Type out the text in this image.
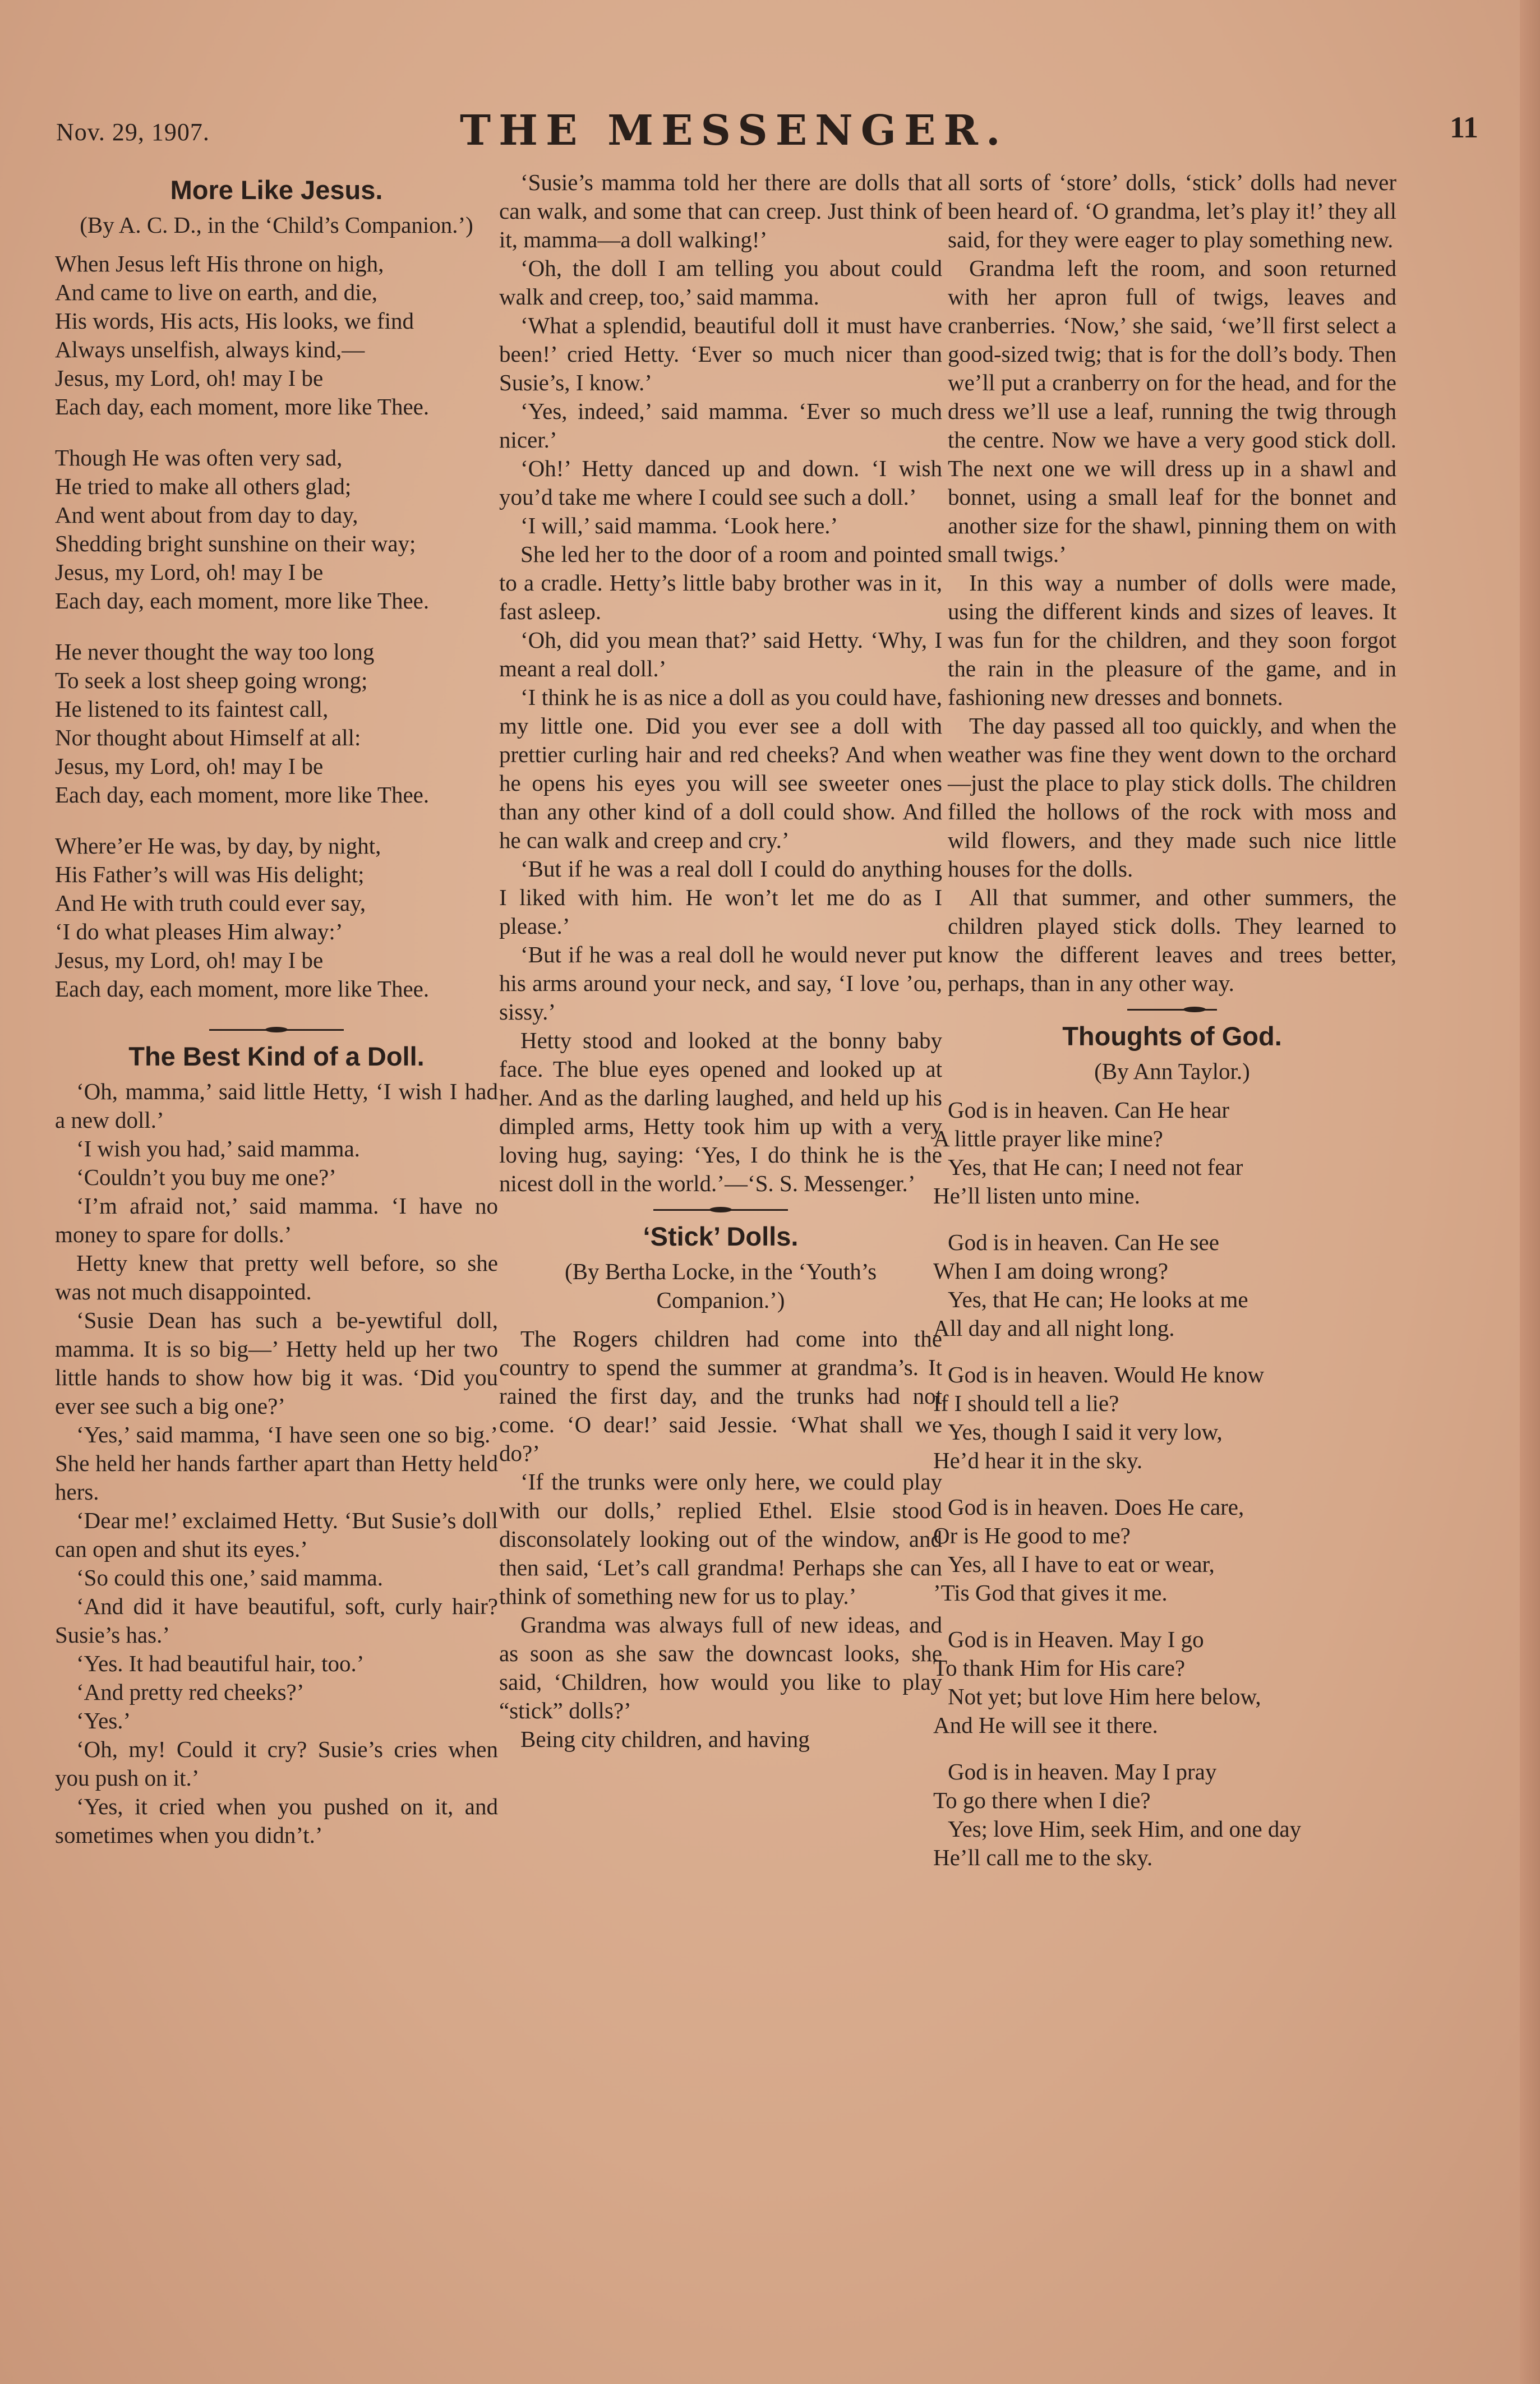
Nov. 29, 1907.	THE MESSENGER.	11
More Like Jesus.
(By A. C. D., in the ‘Child’s Companion.’)
When Jesus left His throne on high,
And came to live on earth, and die,
His words, His acts, His looks, we find
Always unselfish, always kind,—
Jesus, my Lord, oh! may I be
Each day, each moment, more like Thee.
Though He was often very sad,
He tried to make all others glad;
And went about from day to day,
Shedding bright sunshine on their way;
Jesus, my Lord, oh! may I be
Each day, each moment, more like Thee.
He never thought the way too long
To seek a lost sheep going wrong;
He listened to its faintest call,
Nor thought about Himself at all:
Jesus, my Lord, oh! may I be
Each day, each moment, more like Thee.
Where’er He was, by day, by night,
His Father’s will was His delight;
And He with truth could ever say,
‘I do what pleases Him alway:’
Jesus, my Lord, oh! may I be
Each day, each moment, more like Thee.
The Best Kind of a Doll.

‘Oh, mamma,’ said little Hetty, ‘I wish I had a new doll.’

‘I wish you had,’ said mamma.

‘Couldn’t you buy me one?’

‘I’m afraid not,’ said mamma. ‘I have no money to spare for dolls.’

Hetty knew that pretty well before, so she was not much disappointed.

‘Susie Dean has such a be-yewtiful doll, mamma. It is so big—’ Hetty held up her two little hands to show how big it was. ‘Did you ever see such a big one?’

‘Yes,’ said mamma, ‘I have seen one so big.’ She held her hands farther apart than Hetty held hers.

‘Dear me!’ exclaimed Hetty. ‘But Susie’s doll can open and shut its eyes.’

‘So could this one,’ said mamma.

‘And did it have beautiful, soft, curly hair? Susie’s has.’

‘Yes. It had beautiful hair, too.’

‘And pretty red cheeks?’

‘Yes.’

‘Oh, my! Could it cry? Susie’s cries when you push on it.’

‘Yes, it cried when you pushed on it, and sometimes when you didn’t.’

‘Susie’s mamma told her there are dolls that can walk, and some that can creep. Just think of it, mamma—a doll walking!’

‘Oh, the doll I am telling you about could walk and creep, too,’ said mamma.

‘What a splendid, beautiful doll it must have been!’ cried Hetty. ‘Ever so much nicer than Susie’s, I know.’

‘Yes, indeed,’ said mamma. ‘Ever so much nicer.’

‘Oh!’ Hetty danced up and down. ‘I wish you’d take me where I could see such a doll.’

‘I will,’ said mamma. ‘Look here.’

She led her to the door of a room and pointed to a cradle. Hetty’s little baby brother was in it, fast asleep.

‘Oh, did you mean that?’ said Hetty. ‘Why, I meant a real doll.’

‘I think he is as nice a doll as you could have, my little one. Did you ever see a doll with prettier curling hair and red cheeks? And when he opens his eyes you will see sweeter ones than any other kind of a doll could show. And he can walk and creep and cry.’

‘But if he was a real doll I could do anything I liked with him. He won’t let me do as I please.’

‘But if he was a real doll he would never put his arms around your neck, and say, ‘I love ’ou, sissy.’

Hetty stood and looked at the bonny baby face. The blue eyes opened and looked up at her. And as the darling laughed, and held up his dimpled arms, Hetty took him up with a very loving hug, saying: ‘Yes, I do think he is the nicest doll in the world.’—‘S. S. Messenger.’

‘Stick’ Dolls.
(By Bertha Locke, in the ‘Youth’s Companion.’)

The Rogers children had come into the country to spend the summer at grandma’s. It rained the first day, and the trunks had not come. ‘O dear!’ said Jessie. ‘What shall we do?’

‘If the trunks were only here, we could play with our dolls,’ replied Ethel. Elsie stood disconsolately looking out of the window, and then said, ‘Let’s call grandma! Perhaps she can think of something new for us to play.’

Grandma was always full of new ideas, and as soon as she saw the downcast looks, she said, ‘Children, how would you like to play “stick” dolls?’

Being city children, and having

all sorts of ‘store’ dolls, ‘stick’ dolls had never been heard of. ‘O grandma, let’s play it!’ they all said, for they were eager to play something new.

Grandma left the room, and soon returned with her apron full of twigs, leaves and cranberries. ‘Now,’ she said, ‘we’ll first select a good-sized twig; that is for the doll’s body. Then we’ll put a cranberry on for the head, and for the dress we’ll use a leaf, running the twig through the centre. Now we have a very good stick doll. The next one we will dress up in a shawl and bonnet, using a small leaf for the bonnet and another size for the shawl, pinning them on with small twigs.’

In this way a number of dolls were made, using the different kinds and sizes of leaves. It was fun for the children, and they soon forgot the rain in the pleasure of the game, and in fashioning new dresses and bonnets.

The day passed all too quickly, and when the weather was fine they went down to the orchard—just the place to play stick dolls. The children filled the hollows of the rock with moss and wild flowers, and they made such nice little houses for the dolls.

All that summer, and other summers, the children played stick dolls. They learned to know the different leaves and trees better, perhaps, than in any other way.

Thoughts of God.
(By Ann Taylor.)
God is in heaven. Can He hear
A little prayer like mine?
Yes, that He can; I need not fear
He’ll listen unto mine.
God is in heaven. Can He see
When I am doing wrong?
Yes, that He can; He looks at me
All day and all night long.
God is in heaven. Would He know
If I should tell a lie?
Yes, though I said it very low,
He’d hear it in the sky.
God is in heaven. Does He care,
Or is He good to me?
Yes, all I have to eat or wear,
’Tis God that gives it me.
God is in Heaven. May I go
To thank Him for His care?
Not yet; but love Him here below,
And He will see it there.
God is in heaven. May I pray
To go there when I die?
Yes; love Him, seek Him, and one day
He’ll call me to the sky.
